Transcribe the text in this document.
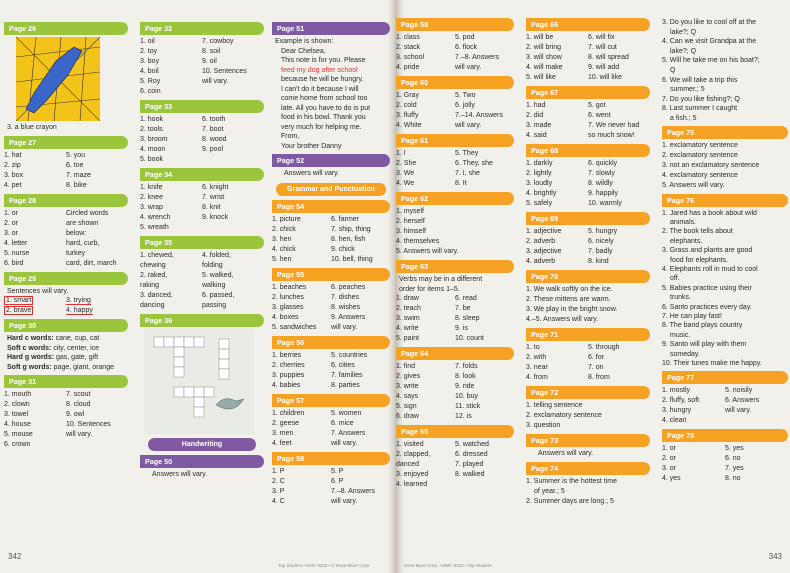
Page 26
3. a blue crayon
Page 27
1. hat	5. you
2. zip	6. toe
3. box	7. maze
4. pet	8. bike
Page 28
1. or	Circled words
2. or	are shown
3. or	below:
4. letter	hard, curb,
5. nurse	turkey
6. bird	card, dirt, march
Page 29
Sentences will vary.
1. smart	3. trying
2. brave	4. happy
Page 30
Hard c words: cane, cup, cat
Soft c words: city, center, ice
Hard g words: gas, gate, gift
Soft g words: page, giant, orange
Page 31
1. mouth	7. scout
2. clown	8. cloud
3. towel	9. owl
4. house	10. Sentences
5. mouse	will vary.
6. crown
Page 32
1. oil	7. cowboy
2. toy	8. soil
3. boy	9. oil
4. boil	10. Sentences
5. Roy	will vary.
6. coin
Page 33
1. hook	6. tooth
2. tools	7. boot
3. broom	8. wood
4. moon	9. pool
5. book
Page 34
1. knife	6. knight
2. knee	7. wrist
3. wrap	8. knit
4. wrench	9. knock
5. wreath
Page 35
1. chewed,	4. folded,
chewing	folding
2. raked,	5. walked,
raking	walking
3. danced,	6. passed,
dancing	passing
Page 36
Handwriting
Page 50
Answers will vary.
Page 51
Example is shown:
Dear Chelsea,
This note is for you. Please
feed my dog after school
because he will be hungry.
I can't do it because I will
come home from school too
late. All you have to do is put
food in his bowl. Thank you
very much for helping me.
From,
Your brother Danny
Page 52
Answers will vary.
Grammar and Punctuation
Page 54
1. picture	6. farmer
2. chick	7. ship, thing
3. hen	8. hen, fish
4. chick	9. chick
5. hen	10. bell, thing
Page 55
1. beaches	6. peaches
2. lunches	7. dishes
3. glasses	8. wishes
4. boxes	9. Answers
5. sandwiches	will vary.
Page 56
1. berries	5. countries
2. cherries	6. cities
3. puppies	7. families
4. babies	8. parties
Page 57
1. children	5. women
2. geese	6. mice
3. men	7. Answers
4. feet	will vary.
Page 58
1. P	5. P
2. C	6. P
3. P	7.–8. Answers
4. C	will vary.
Page 59
1. class	5. pod
2. stack	6. flock
3. school	7.–8. Answers
4. pride	will vary.
Page 60
1. Gray	5. Two
2. cold	6. jolly
3. fluffy	7.–14. Answers
4. White	will vary.
Page 61
1. I	5. They
2. She	6. They, she
3. We	7. I, she
4. We	8. It
Page 62
1. myself
2. herself
3. himself
4. themselves
5. Answers will vary.
Page 63
Verbs may be in a different
order for items 1–5.
1. draw	6. read
2. teach	7. be
3. swim	8. sleep
4. write	9. is
5. paint	10. count
Page 64
1. find	7. folds
2. gives	8. look
3. write	9. ride
4. says	10. buy
5. sign	11. stick
6. draw	12. is
Page 65
1. visited	5. watched
2. clapped,	6. dressed
danced	7. played
3. enjoyed	8. walked
4. learned
Page 66
1. will be	6. will fix
2. will bring	7. will cut
3. will show	8. will spread
4. will make	9. will add
5. will like	10. will like
Page 67
1. had	5. got
2. did	6. went
3. made	7. We never had
4. said	so much snow!
Page 68
1. darkly	6. quickly
2. lightly	7. slowly
3. loudly	8. wildly
4. brightly	9. happily
5. safely	10. warmly
Page 69
1. adjective	5. hungry
2. adverb	6. nicely
3. adjective	7. badly
4. adverb	8. kind
Page 70
1. We walk softly on the ice.
2. These mittens are warm.
3. We play in the bright snow.
4.–5. Answers will vary.
Page 71
1. to	5. through
2. with	6. for
3. near	7. on
4. from	8. from
Page 72
1. telling sentence
2. exclamatory sentence
3. question
Page 73
Answers will vary.
Page 74
1. Summer is the hottest time
of year.; 5
2. Summer days are long.; 5
3. Do you like to cool off at the
lake?; Q
4. Can we visit Grandpa at the
lake?; Q
5. Will he take me on his boat?;
Q
6. We will take a trip this
summer.; 5
7. Do you like fishing?; Q
8. Last summer I caught
a fish.; 5
Page 75
1. exclamatory sentence
2. exclamatory sentence
3. not an exclamatory sentence
4. exclamatory sentence
5. Answers will vary.
Page 76
1. Jared has a book about wild
animals.
2. The book tells about
elephants.
3. Grass and plants are good
food for elephants.
4. Elephants roll in mud to cool
off.
5. Babies practice using their
trunks.
6. Santo practices every day.
7. He can play fast!
8. The band plays country
music.
9. Santo will play with them
someday.
10. Their tunes make me happy.
Page 77
1. mostly	5. noisily
2. fluffy, soft	6. Answers
3. hungry	will vary.
4. clean
Page 78
1. or	5. yes
2. or	6. no
3. or	7. yes
4. yes	8. no
342	343
Top Student • EMC 9322 • © Evan-Moor Corp.	Evan-Moor Corp. • EMC 9322 • Top Student
